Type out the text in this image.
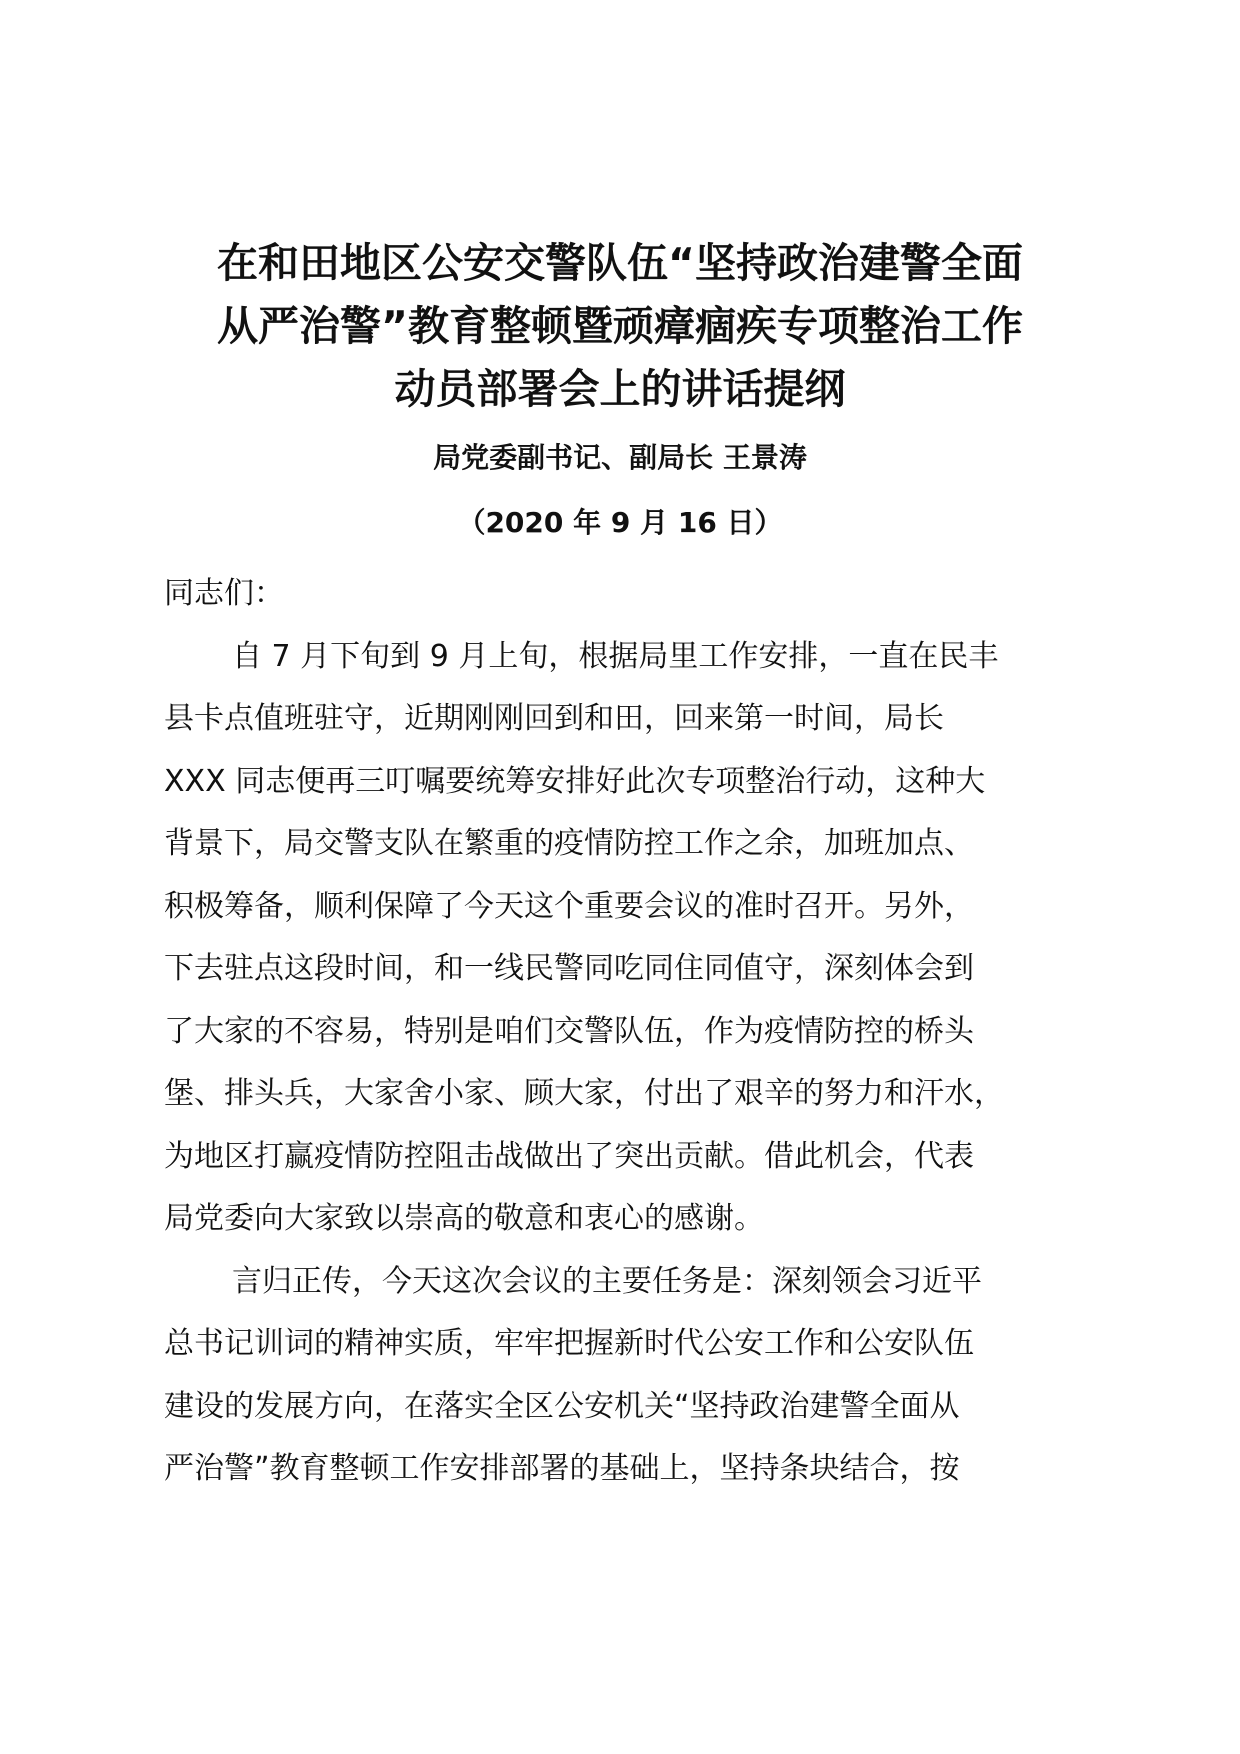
在和田地区公安交警队伍“坚持政治建警全面
从严治警”教育整顿暨顽瘴痼疾专项整治工作
动员部署会上的讲话提纲
局党委副书记、副局长 王景涛
（2020 年 9 月 16 日）
同志们：
自 7 月下旬到 9 月上旬，根据局里工作安排，一直在民丰
县卡点值班驻守，近期刚刚回到和田，回来第一时间，局长
XXX 同志便再三叮嘱要统筹安排好此次专项整治行动，这种大
背景下，局交警支队在繁重的疫情防控工作之余，加班加点、
积极筹备，顺利保障了今天这个重要会议的准时召开。另外，
下去驻点这段时间，和一线民警同吃同住同值守，深刻体会到
了大家的不容易，特别是咱们交警队伍，作为疫情防控的桥头
堡、排头兵，大家舍小家、顾大家，付出了艰辛的努力和汗水，
为地区打赢疫情防控阻击战做出了突出贡献。借此机会，代表
局党委向大家致以崇高的敬意和衷心的感谢。
言归正传，今天这次会议的主要任务是：深刻领会习近平
总书记训词的精神实质，牢牢把握新时代公安工作和公安队伍
建设的发展方向，在落实全区公安机关“坚持政治建警全面从
严治警”教育整顿工作安排部署的基础上，坚持条块结合，按
